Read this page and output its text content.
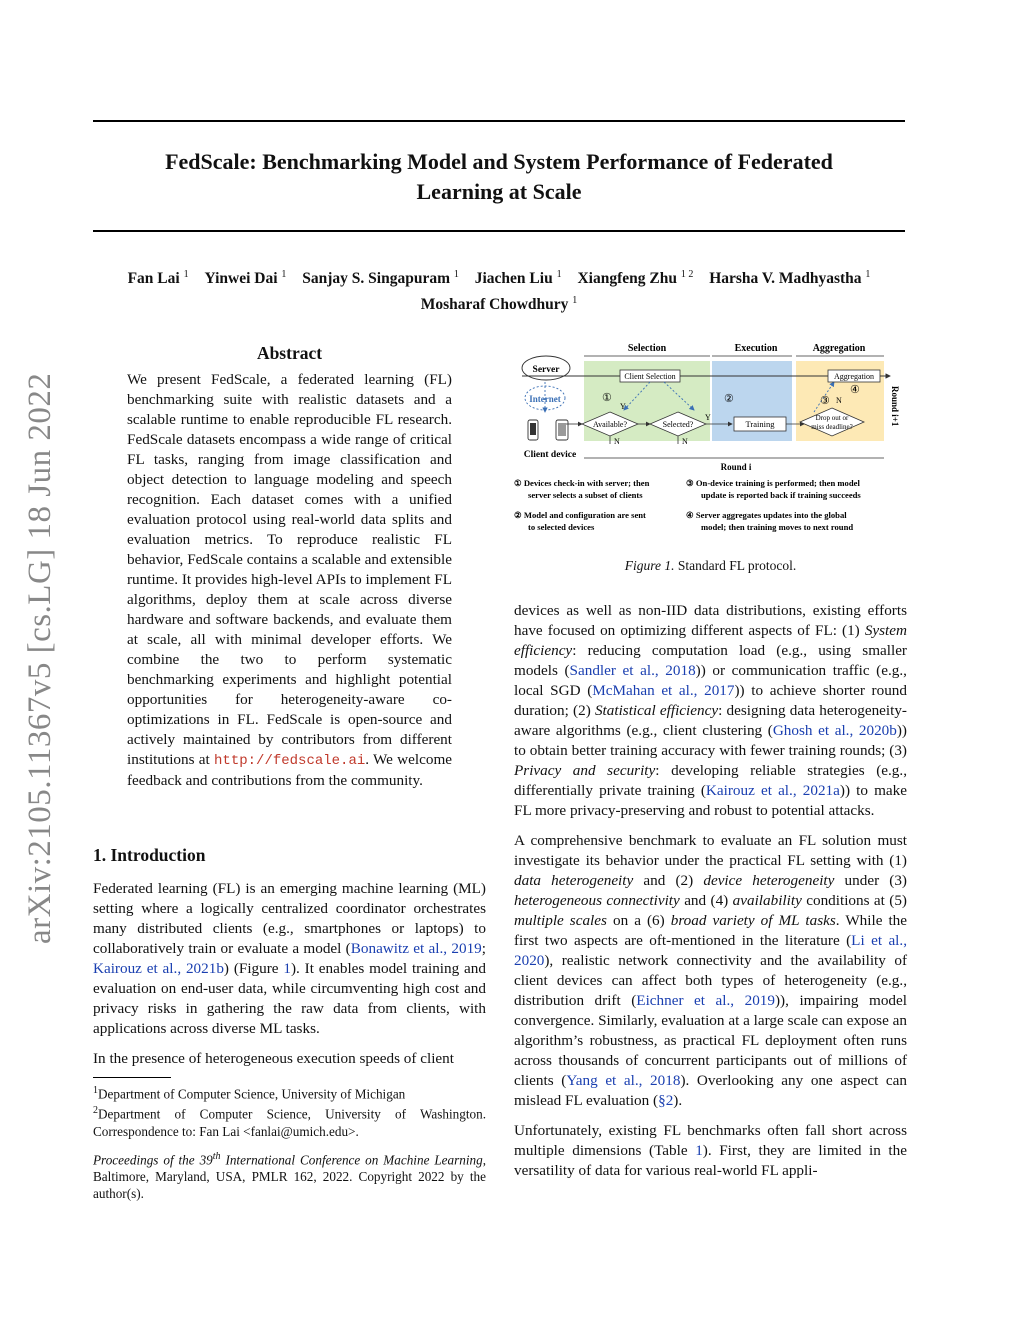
FedScale: Benchmarking Model and System Performance of Federated
Learning at Scale
Fan Lai $^1$ Yinwei Dai $^1$ Sanjay S. Singapuram $^1$ Jiachen Liu $^1$ Xiangfeng Zhu $^{1 2}$ Harsha V. Madhyastha $^1$
Mosharaf Chowdhury $^1$
arXiv:2105.11367v5 [cs.LG] 18 Jun 2022
Abstract
We present FedScale, a federated learning (FL) benchmarking suite with realistic datasets and a scalable runtime to enable reproducible FL research. FedScale datasets encompass a wide range of critical FL tasks, ranging from image classification and object detection to language modeling and speech recognition. Each dataset comes with a unified evaluation protocol using real-world data splits and evaluation metrics. To reproduce realistic FL behavior, FedScale contains a scalable and extensible runtime. It provides high-level APIs to implement FL algorithms, deploy them at scale across diverse hardware and software backends, and evaluate them at scale, all with minimal developer efforts. We combine the two to perform systematic benchmarking experiments and highlight potential opportunities for heterogeneity-aware co-optimizations in FL. FedScale is open-source and actively maintained by contributors from different institutions at http://fedscale.ai. We welcome feedback and contributions from the community.
1. Introduction

Federated learning (FL) is an emerging machine learning (ML) setting where a logically centralized coordinator orchestrates many distributed clients (e.g., smartphones or laptops) to collaboratively train or evaluate a model (Bonawitz et al., 2019; Kairouz et al., 2021b) (Figure 1). It enables model training and evaluation on end-user data, while circumventing high cost and privacy risks in gathering the raw data from clients, with applications across diverse ML tasks.

In the presence of heterogeneous execution speeds of client

$^1$Department of Computer Science, University of Michigan
$^2$Department of Computer Science, University of Washington. Correspondence to: Fan Lai <fanlai@umich.edu>.
Proceedings of the 39th International Conference on Machine Learning, Baltimore, Maryland, USA, PMLR 162, 2022. Copyright 2022 by the author(s).
Selection	Execution	Aggregation
Server
Internet
Client device
Client Selection
①
Y
Available?	Selected?
Y
N	N
②
Training
Aggregation
④
③ N
Drop out or
miss deadline?
Round i
Round i+1
① Devices check-in with server; then
server selects a subset of clients
② Model and configuration are sent
to selected devices
③ On-device training is performed; then model
update is reported back if training succeeds
④ Server aggregates updates into the global
model; then training moves to next round
Figure 1. Standard FL protocol.

devices as well as non-IID data distributions, existing efforts have focused on optimizing different aspects of FL: (1) System efficiency: reducing computation load (e.g., using smaller models (Sandler et al., 2018)) or communication traffic (e.g., local SGD (McMahan et al., 2017)) to achieve shorter round duration; (2) Statistical efficiency: designing data heterogeneity-aware algorithms (e.g., client clustering (Ghosh et al., 2020b)) to obtain better training accuracy with fewer training rounds; (3) Privacy and security: developing reliable strategies (e.g., differentially private training (Kairouz et al., 2021a)) to make FL more privacy-preserving and robust to potential attacks.

A comprehensive benchmark to evaluate an FL solution must investigate its behavior under the practical FL setting with (1) data heterogeneity and (2) device heterogeneity under (3) heterogeneous connectivity and (4) availability conditions at (5) multiple scales on a (6) broad variety of ML tasks. While the first two aspects are oft-mentioned in the literature (Li et al., 2020), realistic network connectivity and the availability of client devices can affect both types of heterogeneity (e.g., distribution drift (Eichner et al., 2019)), impairing model convergence. Similarly, evaluation at a large scale can expose an algorithm’s robustness, as practical FL deployment often runs across thousands of concurrent participants out of millions of clients (Yang et al., 2018). Overlooking any one aspect can mislead FL evaluation (§2).

Unfortunately, existing FL benchmarks often fall short across multiple dimensions (Table 1). First, they are limited in the versatility of data for various real-world FL appli-
